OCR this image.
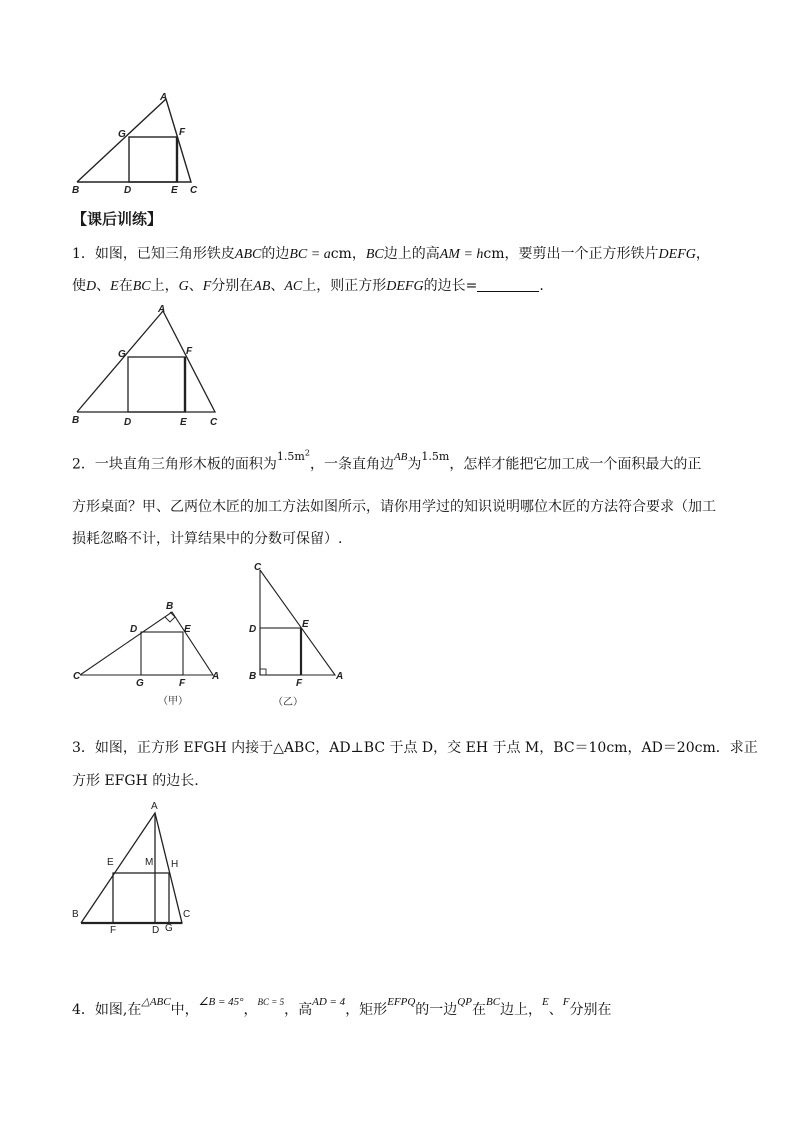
A
G	F
B	D	E C
【课后训练】
1．如图，已知三角形铁皮ABC的边BC = acm，BC边上的高AM = hcm，要剪出一个正方形铁片DEFG，
使D、E在BC上，G、F分别在AB、AC上，则正方形DEFG的边长=	.
A
G	F
B	D	E C
2．一块直角三角形木板的面积为$^{1.5m^2}$，一条直角边$^{AB}$为$^{1.5m}$，怎样才能把它加工成一个面积最大的正
方形桌面？甲、乙两位木匠的加工方法如图所示，请你用学过的知识说明哪位木匠的方法符合要求（加工
损耗忽略不计，计算结果中的分数可保留）.
B
D	E
C
G	F
A
（甲）
C
D	E
B
F
A
（乙）
3．如图，正方形 EFGH 内接于△ABC，AD⊥BC 于点 D，交 EH 于点 M，BC＝10cm，AD＝20cm．求正
方形 EFGH 的边长.
A
E	M H
B
F	D G
C
4．如图,在$^{\triangle ABC}$中，$^{\angle B = 45^\circ}$，$^{BC = 5}$，高$^{AD = 4}$，矩形$^{EFPQ}$的一边$^{QP}$在$^{BC}$边上，$^E$、$^F$分别在
